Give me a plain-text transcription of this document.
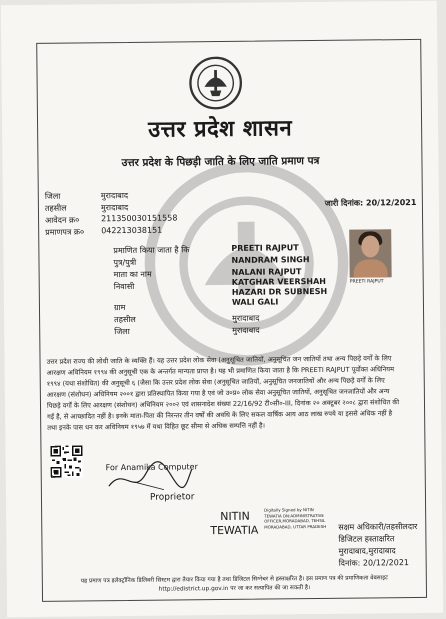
उत्तर प्रदेश शासन
उत्तर प्रदेश के पिछड़ी जाति के लिए जाति प्रमाण पत्र
जारी दिनांक: 20/12/2021
जिला	मुरादाबाद
तहसील	मुरादाबाद
आवेदन क्र०	211350030151558
प्रमाणपत्र क्र० 042213038151
प्रमाणित किया जाता है कि	PREETI RAJPUT
पुत्र/पुत्री	NANDRAM SINGH
माता का नाम	NALANI RAJPUT
निवासी	KATGHAR VEERSHAH HAZARI DR SUBNESH WALI GALI
ग्राम
तहसील	मुरादाबाद
जिला	मुरादाबाद
PREETI RAJPUT
उत्तर प्रदेश राज्य की लोधी जाति के व्यक्ति हैं। यह उत्तर प्रदेश लोक सेवा (अनुसूचित जातियों, अनुसूचित जन जातियों तथा अन्य पिछड़े वर्गों के लिए आरक्षण अधिनियम १९९४ की अनुसूची एक के अन्तर्गत मान्यता प्राप्त है। यह भी प्रमाणित किया जाता है कि PREETI RAJPUT पूर्वोक्त अधिनियम १९९४ (यथा संशोधित) की अनुसूची ६ (जैसा कि उत्तर प्रदेश लोक सेवा (अनुसूचित जातियों, अनुसूचित जनजातियों और अन्य पिछड़े वर्गों के लिए आरक्षण (संशोधन) अधिनियम २००१ द्वारा प्रतिस्थापित किया गया है एवं जो उ०प्र० लोक सेवा अनुसूचित जातियों, अनुसूचित जनजातियों और अन्य पिछड़े वर्गों के लिए आरक्षण (संशोधन) अधिनियम २००२ एवं शासनादेश संख्या 22/16/92 टी०सी०-III, दिनांक २० अक्टूबर २००८ द्वारा संशोधित की गई है, से आच्छादित नहीं है। इनके माता-पिता की निरन्तर तीन वर्षों की अवधि के लिए सकल वार्षिक आय आठ लाख रुपये या इससे अधिक नहीं है तथा इनके पास धन कर अधिनियम १९५७ में यथा विहित छूट सीमा से अधिक सम्पत्ति नहीं है।
For Anamika Computer
Proprietor
NITIN
TEWATIA
Digitally Signed by NITIN TEWATIA DN:ADMINISTRATIVE OFFICER,MORADABAD, TEHSIL MORADABAD, UTTAR PRADESH सक्षम अधिकारी/तहसीलदार
डिजिटल हस्ताक्षरित
मुरादाबाद,मुरादाबाद
दिनांक: 20/12/2021
यह प्रमाण पत्र इलेक्ट्रॉनिक डिलिवरी सिस्टम द्वारा तैयार किया गया है तथा डिजिटल सिग्नेचर से हस्ताक्षरित है। इस प्रमाण पत्र की प्रमाणिकता वेबसाइट http://edistrict.up.gov.in पर जा कर सत्यापित की जा सकती है।
